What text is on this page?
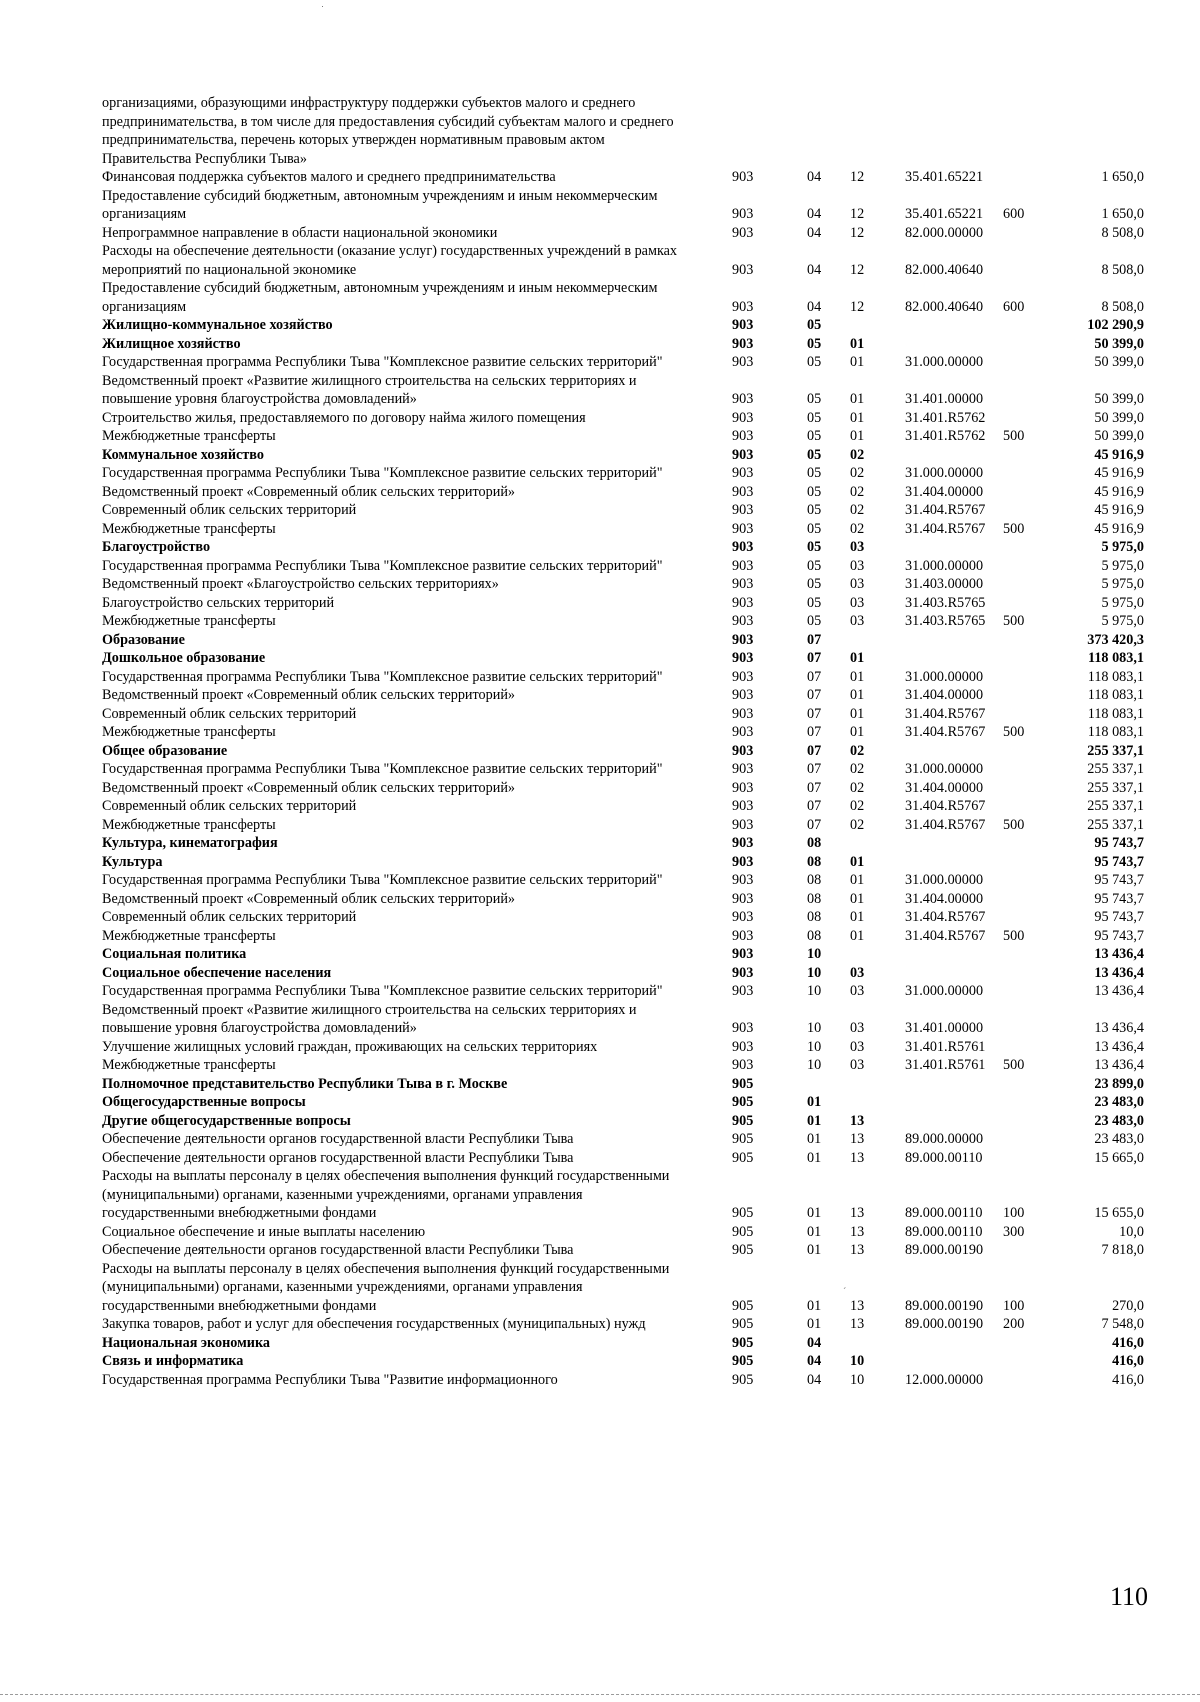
организациями, образующими инфраструктуру поддержки субъектов малого и среднего предпринимательства, в том числе для предоставления субсидий субъектам малого и среднего предпринимательства, перечень которых утвержден нормативным правовым актом Правительства Республики Тыва»						
Финансовая поддержка субъектов малого и среднего предпринимательства	903	04	12	35.401.65221		1 650,0
Предоставление субсидий бюджетным, автономным учреждениям и иным некоммерческим организациям	903	04	12	35.401.65221	600	1 650,0
Непрограммное направление в области национальной экономики	903	04	12	82.000.00000		8 508,0
Расходы на обеспечение деятельности (оказание услуг) государственных учреждений в рамках мероприятий по национальной экономике	903	04	12	82.000.40640		8 508,0
Предоставление субсидий бюджетным, автономным учреждениям и иным некоммерческим организациям	903	04	12	82.000.40640	600	8 508,0
Жилищно-коммунальное хозяйство	903	05				102 290,9
Жилищное хозяйство	903	05	01			50 399,0
Государственная программа Республики Тыва "Комплексное развитие сельских территорий"	903	05	01	31.000.00000		50 399,0
Ведомственный проект «Развитие жилищного строительства на сельских территориях и повышение уровня благоустройства домовладений»	903	05	01	31.401.00000		50 399,0
Строительство жилья, предоставляемого по договору найма жилого помещения	903	05	01	31.401.R5762		50 399,0
Межбюджетные трансферты	903	05	01	31.401.R5762	500	50 399,0
Коммунальное хозяйство	903	05	02			45 916,9
Государственная программа Республики Тыва "Комплексное развитие сельских территорий"	903	05	02	31.000.00000		45 916,9
Ведомственный проект «Современный облик сельских территорий»	903	05	02	31.404.00000		45 916,9
Современный облик сельских территорий	903	05	02	31.404.R5767		45 916,9
Межбюджетные трансферты	903	05	02	31.404.R5767	500	45 916,9
Благоустройство	903	05	03			5 975,0
Государственная программа Республики Тыва "Комплексное развитие сельских территорий"	903	05	03	31.000.00000		5 975,0
Ведомственный проект «Благоустройство сельских территориях»	903	05	03	31.403.00000		5 975,0
Благоустройство сельских территорий	903	05	03	31.403.R5765		5 975,0
Межбюджетные трансферты	903	05	03	31.403.R5765	500	5 975,0
Образование	903	07				373 420,3
Дошкольное образование	903	07	01			118 083,1
Государственная программа Республики Тыва "Комплексное развитие сельских территорий"	903	07	01	31.000.00000		118 083,1
Ведомственный проект «Современный облик сельских территорий»	903	07	01	31.404.00000		118 083,1
Современный облик сельских территорий	903	07	01	31.404.R5767		118 083,1
Межбюджетные трансферты	903	07	01	31.404.R5767	500	118 083,1
Общее образование	903	07	02			255 337,1
Государственная программа Республики Тыва "Комплексное развитие сельских территорий"	903	07	02	31.000.00000		255 337,1
Ведомственный проект «Современный облик сельских территорий»	903	07	02	31.404.00000		255 337,1
Современный облик сельских территорий	903	07	02	31.404.R5767		255 337,1
Межбюджетные трансферты	903	07	02	31.404.R5767	500	255 337,1
Культура, кинематография	903	08				95 743,7
Культура	903	08	01			95 743,7
Государственная программа Республики Тыва "Комплексное развитие сельских территорий"	903	08	01	31.000.00000		95 743,7
Ведомственный проект «Современный облик сельских территорий»	903	08	01	31.404.00000		95 743,7
Современный облик сельских территорий	903	08	01	31.404.R5767		95 743,7
Межбюджетные трансферты	903	08	01	31.404.R5767	500	95 743,7
Социальная политика	903	10				13 436,4
Социальное обеспечение населения	903	10	03			13 436,4
Государственная программа Республики Тыва "Комплексное развитие сельских территорий"	903	10	03	31.000.00000		13 436,4
Ведомственный проект «Развитие жилищного строительства на сельских территориях и повышение уровня благоустройства домовладений»	903	10	03	31.401.00000		13 436,4
Улучшение жилищных условий граждан, проживающих на сельских территориях	903	10	03	31.401.R5761		13 436,4
Межбюджетные трансферты	903	10	03	31.401.R5761	500	13 436,4
Полномочное представительство Республики Тыва в г. Москве	905					23 899,0
Общегосударственные вопросы	905	01				23 483,0
Другие общегосударственные вопросы	905	01	13			23 483,0
Обеспечение деятельности органов государственной власти Республики Тыва	905	01	13	89.000.00000		23 483,0
Обеспечение деятельности органов государственной власти Республики Тыва	905	01	13	89.000.00110		15 665,0
Расходы на выплаты персоналу в целях обеспечения выполнения функций государственными (муниципальными) органами, казенными учреждениями, органами управления государственными внебюджетными фондами	905	01	13	89.000.00110	100	15 655,0
Социальное обеспечение и иные выплаты населению	905	01	13	89.000.00110	300	10,0
Обеспечение деятельности органов государственной власти Республики Тыва	905	01	13	89.000.00190		7 818,0
Расходы на выплаты персоналу в целях обеспечения выполнения функций государственными (муниципальными) органами, казенными учреждениями, органами управления государственными внебюджетными фондами	905	01	13	89.000.00190	100	270,0
Закупка товаров, работ и услуг для обеспечения государственных (муниципальных) нужд	905	01	13	89.000.00190	200	7 548,0
Национальная экономика	905	04				416,0
Связь и информатика	905	04	10			416,0
Государственная программа Республики Тыва "Развитие информационного	905	04	10	12.000.00000		416,0
´
110
